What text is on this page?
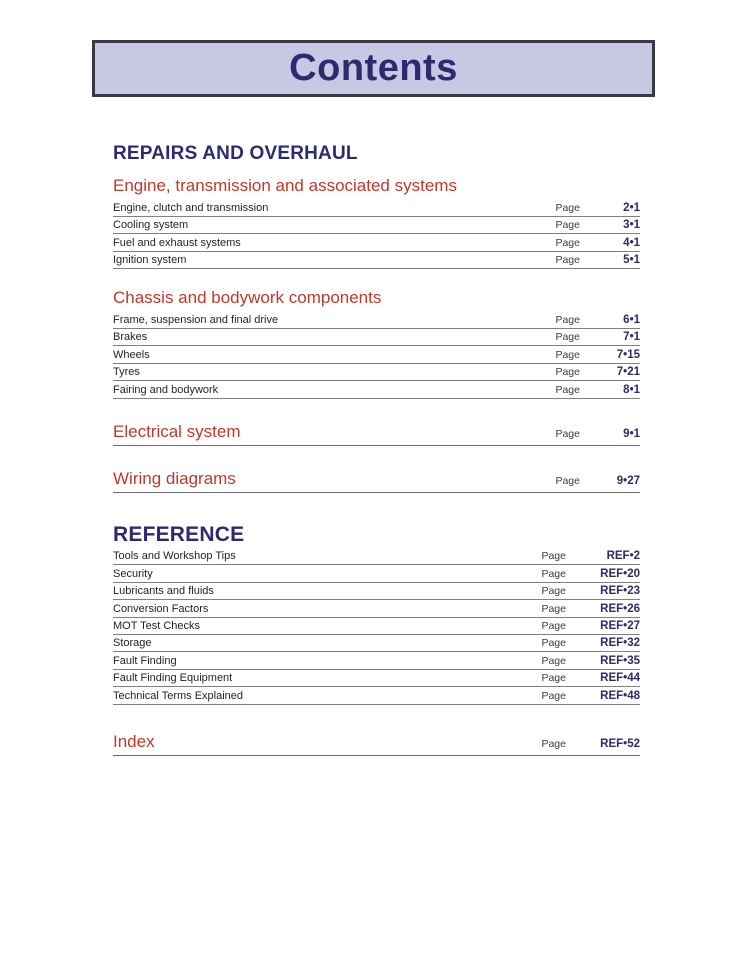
Contents
REPAIRS AND OVERHAUL
Engine, transmission and associated systems
Engine, clutch and transmission	Page	2•1
Cooling system	Page	3•1
Fuel and exhaust systems	Page	4•1
Ignition system	Page	5•1
Chassis and bodywork components
Frame, suspension and final drive	Page	6•1
Brakes	Page	7•1
Wheels	Page	7•15
Tyres	Page	7•21
Fairing and bodywork	Page	8•1
Electrical system	Page	9•1
Wiring diagrams	Page	9•27
REFERENCE
Tools and Workshop Tips	Page	REF•2
Security	Page	REF•20
Lubricants and fluids	Page	REF•23
Conversion Factors	Page	REF•26
MOT Test Checks	Page	REF•27
Storage	Page	REF•32
Fault Finding	Page	REF•35
Fault Finding Equipment	Page	REF•44
Technical Terms Explained	Page	REF•48
Index	Page	REF•52
